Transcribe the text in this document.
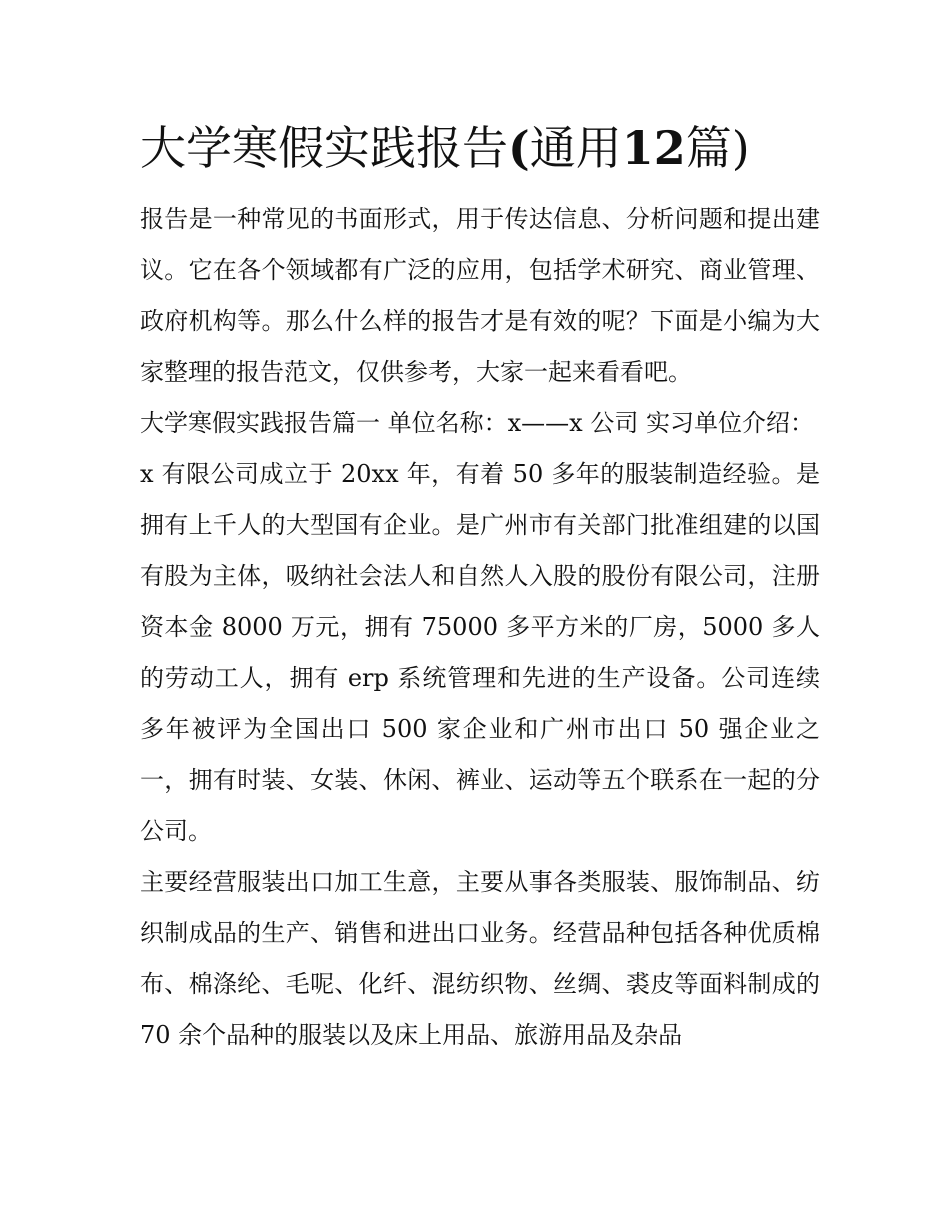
大学寒假实践报告(通用12篇)

报告是一种常见的书面形式，用于传达信息、分析问题和提出建议。它在各个领域都有广泛的应用，包括学术研究、商业管理、政府机构等。那么什么样的报告才是有效的呢？下面是小编为大家整理的报告范文，仅供参考，大家一起来看看吧。

大学寒假实践报告篇一 单位名称：x——x 公司 实习单位介绍：

x 有限公司成立于 20xx 年，有着 50 多年的服装制造经验。是拥有上千人的大型国有企业。是广州市有关部门批准组建的以国有股为主体，吸纳社会法人和自然人入股的股份有限公司，注册资本金 8000 万元，拥有 75000 多平方米的厂房，5000 多人的劳动工人，拥有 erp 系统管理和先进的生产设备。公司连续多年被评为全国出口 500 家企业和广州市出口 50 强企业之一，拥有时装、女装、休闲、裤业、运动等五个联系在一起的分公司。

主要经营服装出口加工生意，主要从事各类服装、服饰制品、纺织制成品的生产、销售和进出口业务。经营品种包括各种优质棉布、棉涤纶、毛呢、化纤、混纺织物、丝绸、裘皮等面料制成的 70 余个品种的服装以及床上用品、旅游用品及杂品
